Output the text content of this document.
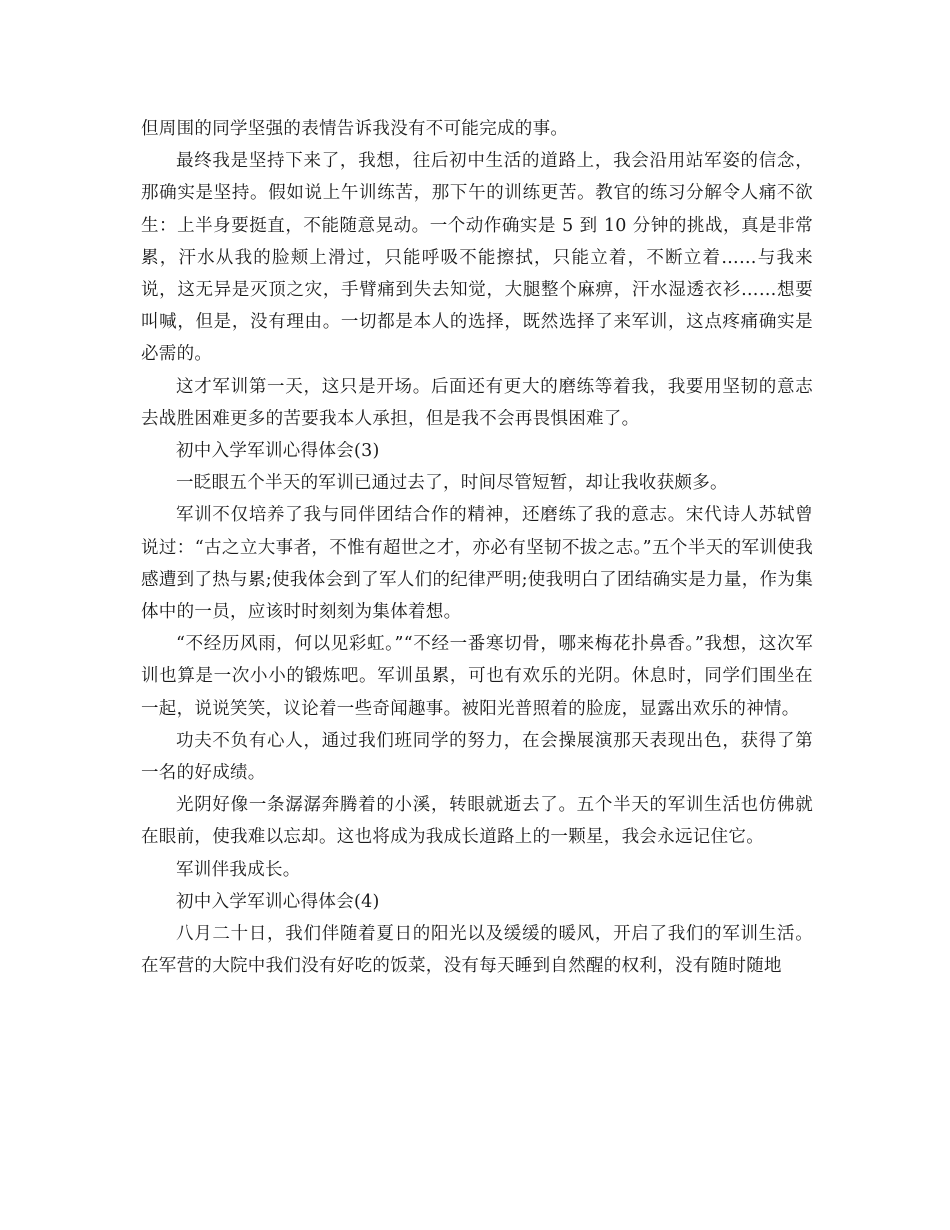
但周围的同学坚强的表情告诉我没有不可能完成的事。

最终我是坚持下来了，我想，往后初中生活的道路上，我会沿用站军姿的信念，那确实是坚持。假如说上午训练苦，那下午的训练更苦。教官的练习分解令人痛不欲生：上半身要挺直，不能随意晃动。一个动作确实是 5 到 10 分钟的挑战，真是非常累，汗水从我的脸颊上滑过，只能呼吸不能擦拭，只能立着，不断立着……与我来说，这无异是灭顶之灾，手臂痛到失去知觉，大腿整个麻痹，汗水湿透衣衫……想要叫喊，但是，没有理由。一切都是本人的选择，既然选择了来军训，这点疼痛确实是必需的。

这才军训第一天，这只是开场。后面还有更大的磨练等着我，我要用坚韧的意志去战胜困难更多的苦要我本人承担，但是我不会再畏惧困难了。

初中入学军训心得体会(3)

一眨眼五个半天的军训已通过去了，时间尽管短暂，却让我收获颇多。

军训不仅培养了我与同伴团结合作的精神，还磨练了我的意志。宋代诗人苏轼曾说过：“古之立大事者，不惟有超世之才，亦必有坚韧不拔之志。”五个半天的军训使我感遭到了热与累;使我体会到了军人们的纪律严明;使我明白了团结确实是力量，作为集体中的一员，应该时时刻刻为集体着想。

“不经历风雨，何以见彩虹。”“不经一番寒切骨，哪来梅花扑鼻香。”我想，这次军训也算是一次小小的锻炼吧。军训虽累，可也有欢乐的光阴。休息时，同学们围坐在一起，说说笑笑，议论着一些奇闻趣事。被阳光普照着的脸庞，显露出欢乐的神情。

功夫不负有心人，通过我们班同学的努力，在会操展演那天表现出色，获得了第一名的好成绩。

光阴好像一条潺潺奔腾着的小溪，转眼就逝去了。五个半天的军训生活也仿佛就在眼前，使我难以忘却。这也将成为我成长道路上的一颗星，我会永远记住它。

军训伴我成长。

初中入学军训心得体会(4)

八月二十日，我们伴随着夏日的阳光以及缓缓的暖风，开启了我们的军训生活。在军营的大院中我们没有好吃的饭菜，没有每天睡到自然醒的权利，没有随时随地
